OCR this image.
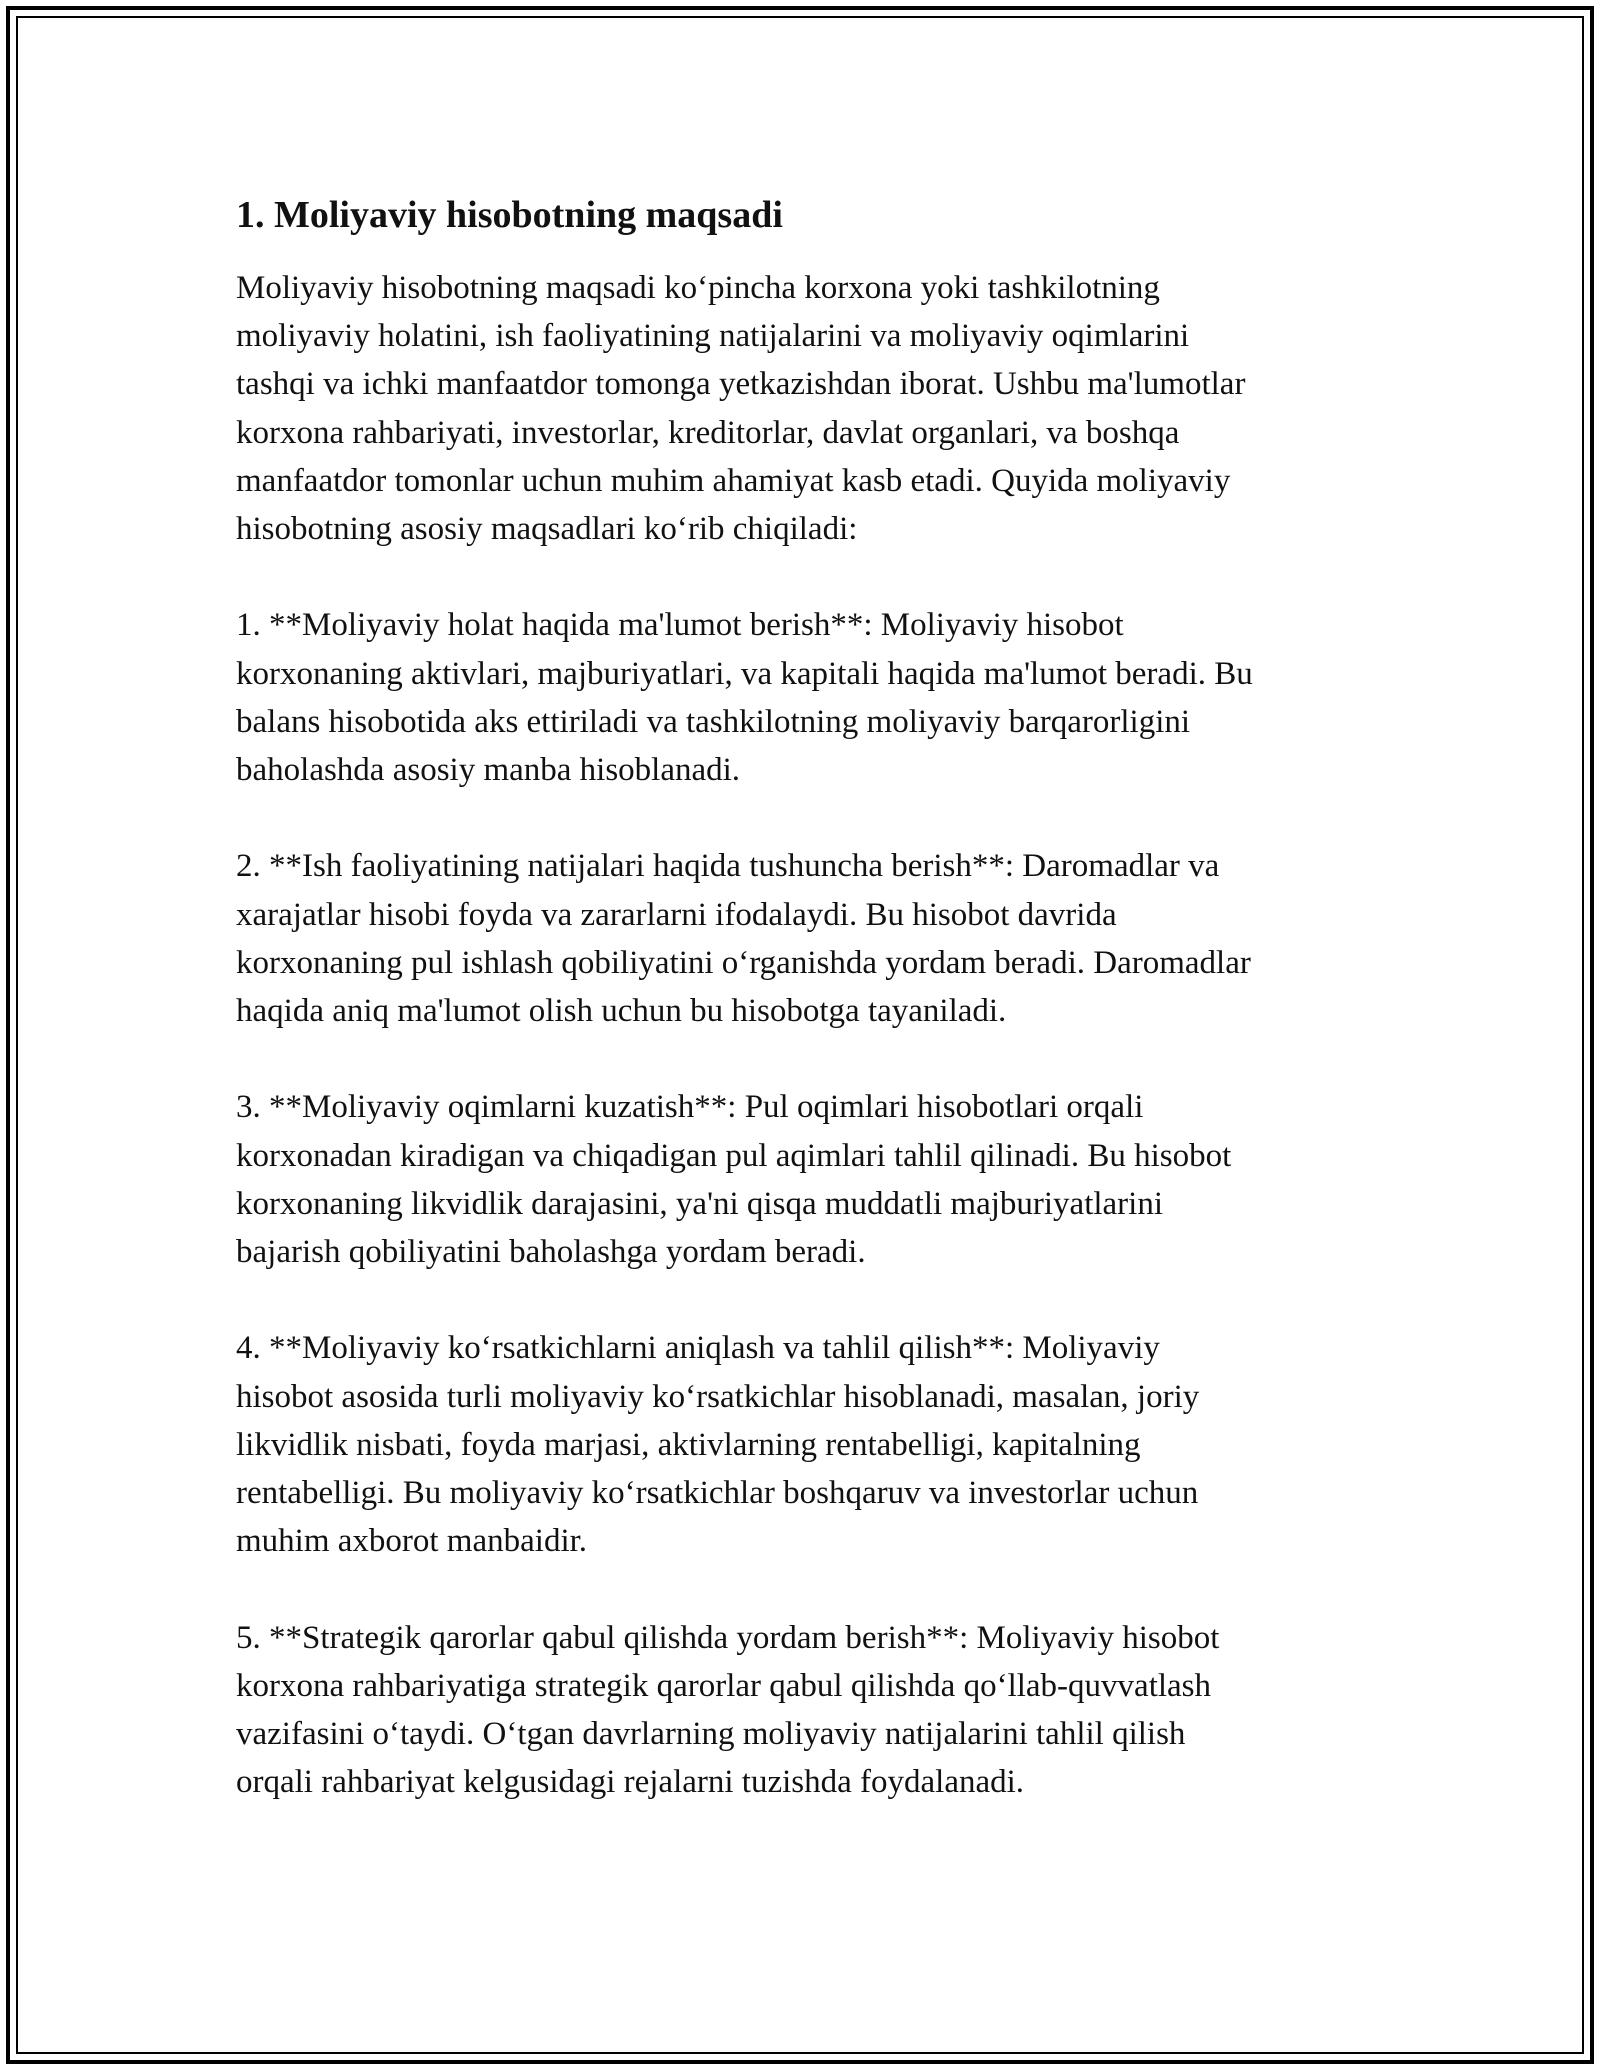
1. Moliyaviy hisobotning maqsadi

Moliyaviy hisobotning maqsadi koʻpincha korxona yoki tashkilotning
moliyaviy holatini, ish faoliyatining natijalarini va moliyaviy oqimlarini
tashqi va ichki manfaatdor tomonga yetkazishdan iborat. Ushbu ma'lumotlar
korxona rahbariyati, investorlar, kreditorlar, davlat organlari, va boshqa
manfaatdor tomonlar uchun muhim ahamiyat kasb etadi. Quyida moliyaviy
hisobotning asosiy maqsadlari koʻrib chiqiladi:

1. **Moliyaviy holat haqida ma'lumot berish**: Moliyaviy hisobot
korxonaning aktivlari, majburiyatlari, va kapitali haqida ma'lumot beradi. Bu
balans hisobotida aks ettiriladi va tashkilotning moliyaviy barqarorligini
baholashda asosiy manba hisoblanadi.

2. **Ish faoliyatining natijalari haqida tushuncha berish**: Daromadlar va
xarajatlar hisobi foyda va zararlarni ifodalaydi. Bu hisobot davrida
korxonaning pul ishlash qobiliyatini oʻrganishda yordam beradi. Daromadlar
haqida aniq ma'lumot olish uchun bu hisobotga tayaniladi.

3. **Moliyaviy oqimlarni kuzatish**: Pul oqimlari hisobotlari orqali
korxonadan kiradigan va chiqadigan pul aqimlari tahlil qilinadi. Bu hisobot
korxonaning likvidlik darajasini, ya'ni qisqa muddatli majburiyatlarini
bajarish qobiliyatini baholashga yordam beradi.

4. **Moliyaviy koʻrsatkichlarni aniqlash va tahlil qilish**: Moliyaviy
hisobot asosida turli moliyaviy koʻrsatkichlar hisoblanadi, masalan, joriy
likvidlik nisbati, foyda marjasi, aktivlarning rentabelligi, kapitalning
rentabelligi. Bu moliyaviy koʻrsatkichlar boshqaruv va investorlar uchun
muhim axborot manbaidir.

5. **Strategik qarorlar qabul qilishda yordam berish**: Moliyaviy hisobot
korxona rahbariyatiga strategik qarorlar qabul qilishda qoʻllab-quvvatlash
vazifasini oʻtaydi. Oʻtgan davrlarning moliyaviy natijalarini tahlil qilish
orqali rahbariyat kelgusidagi rejalarni tuzishda foydalanadi.
